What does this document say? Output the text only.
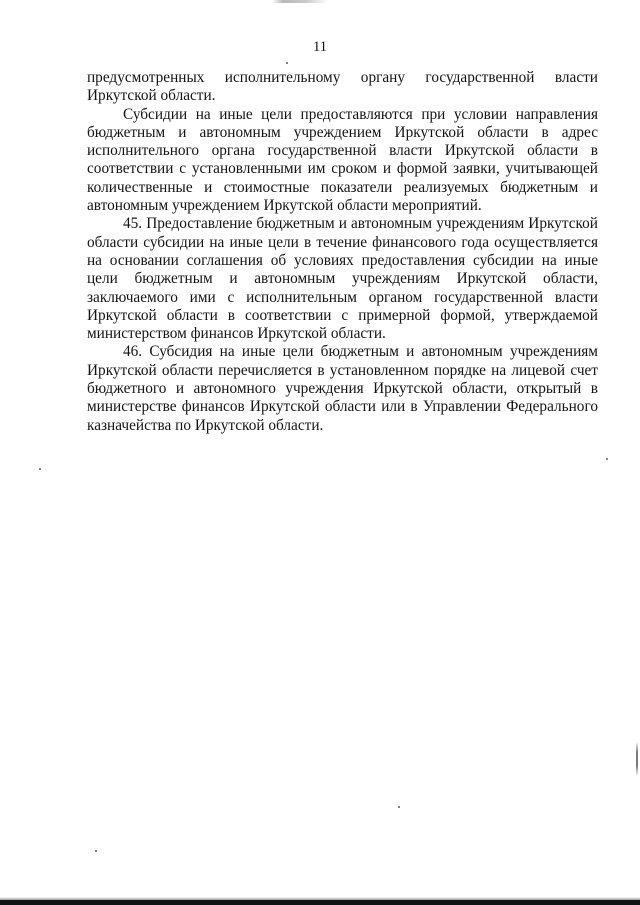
11

предусмотренных исполнительному органу государственной власти
Иркутской области.

Субсидии на иные цели предоставляются при условии направления бюджетным и автономным учреждением Иркутской области в адрес исполнительного органа государственной власти Иркутской области в соответствии с установленными им сроком и формой заявки, учитывающей количественные и стоимостные показатели реализуемых бюджетным и автономным учреждением Иркутской области мероприятий.

45. Предоставление бюджетным и автономным учреждениям Иркутской области субсидии на иные цели в течение финансового года осуществляется на основании соглашения об условиях предоставления субсидии на иные цели бюджетным и автономным учреждениям Иркутской области, заключаемого ими с исполнительным органом государственной власти Иркутской области в соответствии с примерной формой, утверждаемой министерством финансов Иркутской области.

46. Субсидия на иные цели бюджетным и автономным учреждениям Иркутской области перечисляется в установленном порядке на лицевой счет бюджетного и автономного учреждения Иркутской области, открытый в министерстве финансов Иркутской области или в Управлении Федерального казначейства по Иркутской области.
